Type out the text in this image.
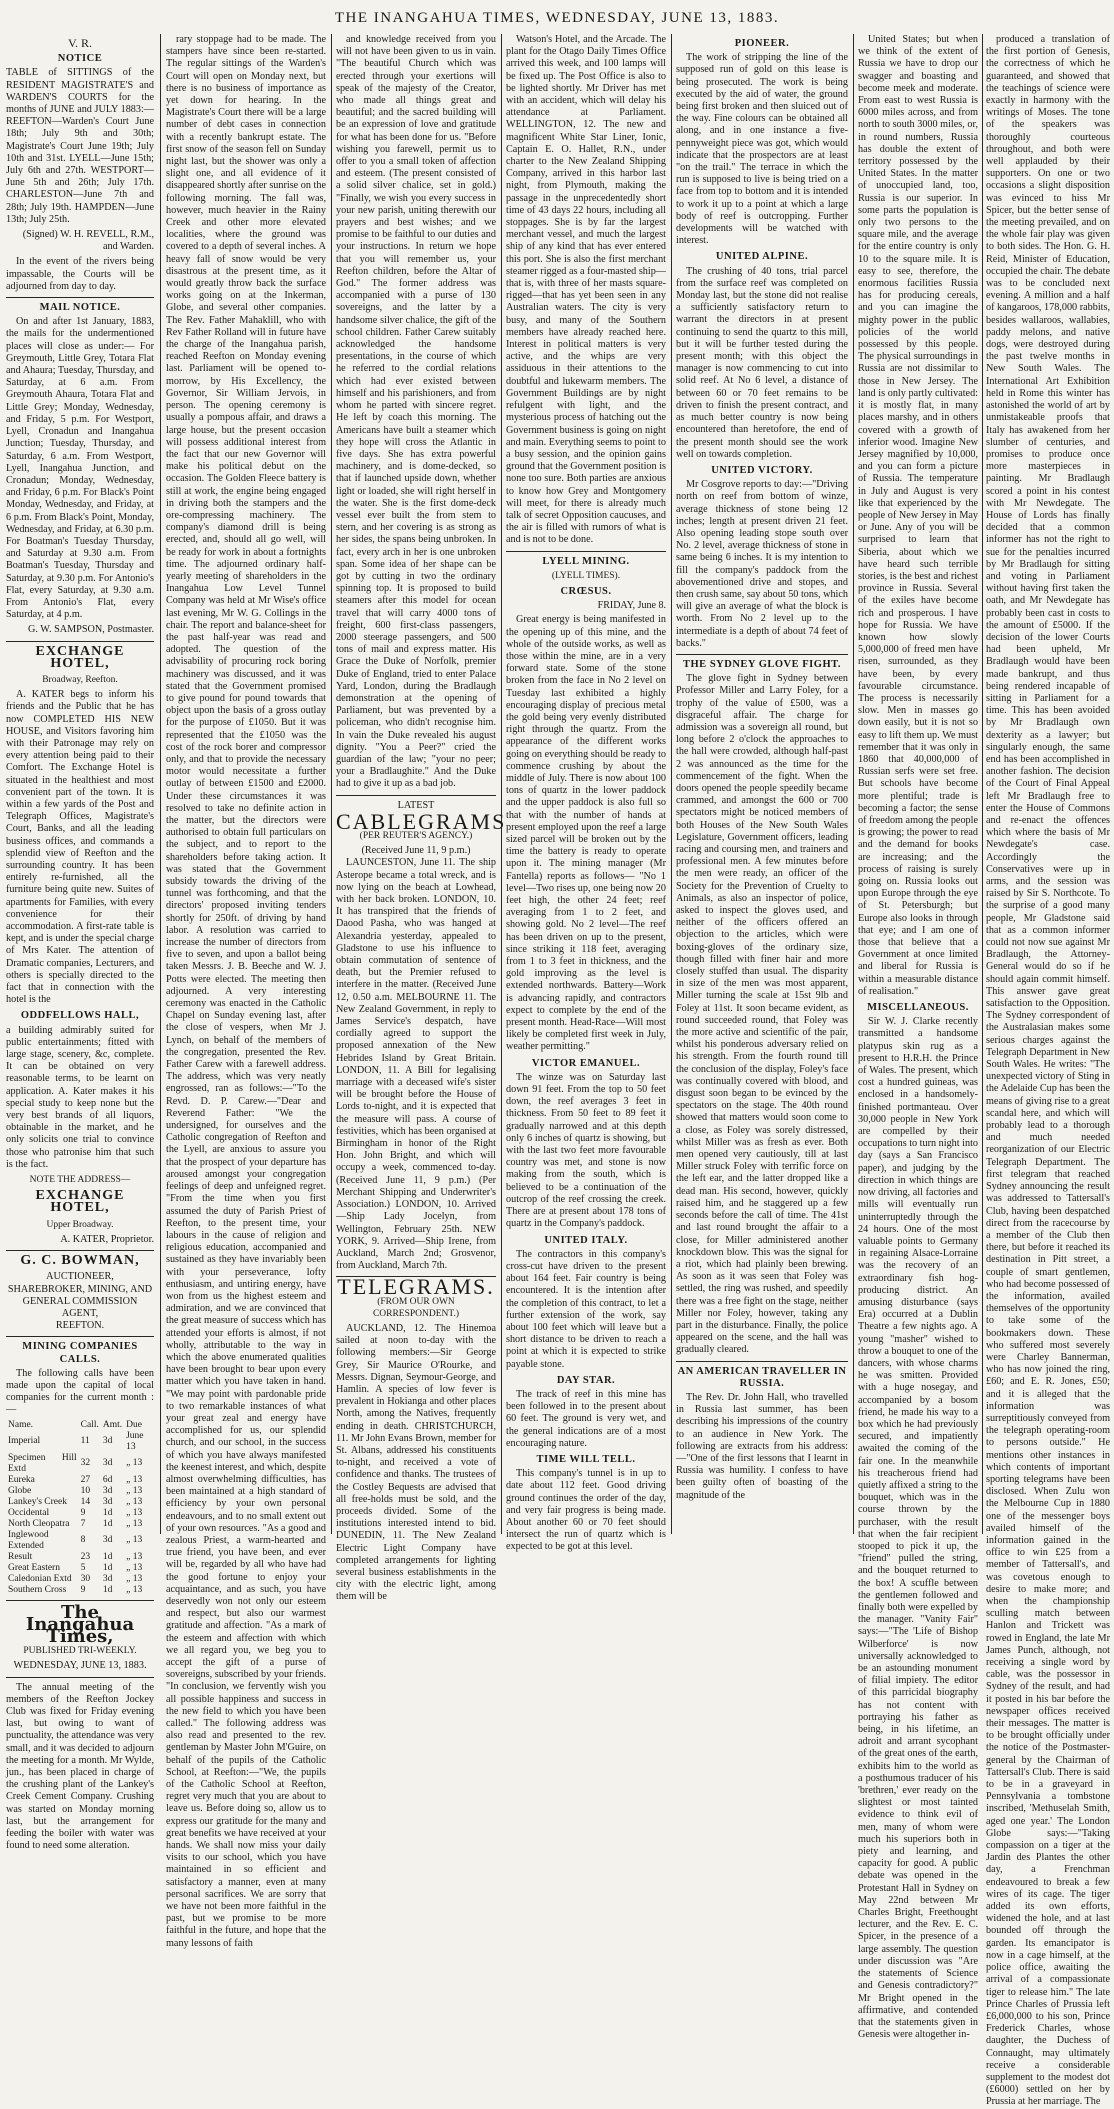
THE INANGAHUA TIMES, WEDNESDAY, JUNE 13, 1883.
V. R.
NOTICE

TABLE of SITTINGS of the RESIDENT MAGISTRATE'S and WARDEN'S COURTS for the months of JUNE and JULY 1883:— REEFTON—Warden's Court June 18th; July 9th and 30th; Magistrate's Court June 19th; July 10th and 31st. LYELL—June 15th; July 6th and 27th. WESTPORT—June 5th and 26th; July 17th. CHARLESTON—June 7th and 28th; July 19th. HAMPDEN—June 13th; July 25th.

(Signed) W. H. REVELL, R.M., and Warden.

In the event of the rivers being impassable, the Courts will be adjourned from day to day.

MAIL NOTICE.

On and after 1st January, 1883, the mails for the undermentioned places will close as under:— For Greymouth, Little Grey, Totara Flat and Ahaura; Tuesday, Thursday, and Saturday, at 6 a.m. From Greymouth Ahaura, Totara Flat and Little Grey; Monday, Wednesday, and Friday, 5 p.m. For Westport, Lyell, Cronadun and Inangahua Junction; Tuesday, Thursday, and Saturday, 6 a.m. From Westport, Lyell, Inangahua Junction, and Cronadun; Monday, Wednesday, and Friday, 6 p.m. For Black's Point Monday, Wednesday, and Friday, at 6 p.m. From Black's Point, Monday, Wednesday, and Friday, at 6.30 p.m. For Boatman's Tuesday Thursday, and Saturday at 9.30 a.m. From Boatman's Tuesday, Thursday and Saturday, at 9.30 p.m. For Antonio's Flat, every Saturday, at 9.30 a.m. From Antonio's Flat, every Saturday, at 4 p.m.

G. W. SAMPSON, Postmaster.

EXCHANGE HOTEL,
Broadway, Reefton.

A. KATER begs to inform his friends and the Public that he has now COMPLETED HIS NEW HOUSE, and Visitors favoring him with their Patronage may rely on every attention being paid to their Comfort. The Exchange Hotel is situated in the healthiest and most convenient part of the town. It is within a few yards of the Post and Telegraph Offices, Magistrate's Court, Banks, and all the leading business offices, and commands a splendid view of Reefton and the surrounding country. It has been entirely re-furnished, all the furniture being quite new. Suites of apartments for Families, with every convenience for their accommodation. A first-rate table is kept, and is under the special charge of Mrs Kater. The attention of Dramatic companies, Lecturers, and others is specially directed to the fact that in connection with the hotel is the

ODDFELLOWS HALL,

a building admirably suited for public entertainments; fitted with large stage, scenery, &c, complete. It can be obtained on very reasonable terms, to be learnt on application. A. Kater makes it his special study to keep none but the very best brands of all liquors, obtainable in the market, and he only solicits one trial to convince those who patronise him that such is the fact.

NOTE THE ADDRESS—
EXCHANGE HOTEL,
Upper Broadway.

A. KATER, Proprietor.

G. C. BOWMAN,
AUCTIONEER,
SHAREBROKER, MINING, AND
GENERAL COMMISSION
AGENT,
REEFTON.
MINING COMPANIES CALLS.

The following calls have been made upon the capital of local companies for the current month :—

Name.	Call.	Amt.	Due
Imperial	11	3d	June 13
Specimen Hill Extd	32	3d	„ 13
Eureka	27	6d	„ 13
Globe	10	3d	„ 13
Lankey's Creek	14	3d	„ 13
Occidental	9	1d	„ 13
North Cleopatra	7	1d	„ 13
Inglewood Extended	8	3d	„ 13
Result	23	1d	„ 13
Great Eastern	5	1d	„ 13
Caledonian Extd	30	3d	„ 13
Southern Cross	9	1d	„ 13
The Inangahua Times,
PUBLISHED TRI-WEEKLY.
WEDNESDAY, JUNE 13, 1883.

The annual meeting of the members of the Reefton Jockey Club was fixed for Friday evening last, but owing to want of punctuality, the attendance was very small, and it was decided to adjourn the meeting for a month. Mr Wylde, jun., has been placed in charge of the crushing plant of the Lankey's Creek Cement Company. Crushing was started on Monday morning last, but the arrangement for feeding the boiler with water was found to need some alteration.

rary stoppage had to be made. The stampers have since been re-started. The regular sittings of the Warden's Court will open on Monday next, but there is no business of importance as yet down for hearing. In the Magistrate's Court there will be a large number of debt cases in connection with a recently bankrupt estate. The first snow of the season fell on Sunday night last, but the shower was only a slight one, and all evidence of it disappeared shortly after sunrise on the following morning. The fall was, however, much heavier in the Rainy Creek and other more elevated localities, where the ground was covered to a depth of several inches. A heavy fall of snow would be very disastrous at the present time, as it would greatly throw back the surface works going on at the Inkerman, Globe, and several other companies. The Rev. Father Mahaklill, who with Rev Father Rolland will in future have the charge of the Inangahua parish, reached Reefton on Monday evening last. Parliament will be opened to-morrow, by His Excellency, the Governor, Sir William Jervois, in person. The opening ceremony is usually a pompous affair, and draws a large house, but the present occasion will possess additional interest from the fact that our new Governor will make his political debut on the occasion. The Golden Fleece battery is still at work, the engine being engaged in driving both the stampers and the ore-compressing machinery. The company's diamond drill is being erected, and, should all go well, will be ready for work in about a fortnights time. The adjourned ordinary half-yearly meeting of shareholders in the Inangahua Low Level Tunnel Company was held at Mr Wise's office last evening, Mr W. G. Collings in the chair. The report and balance-sheet for the past half-year was read and adopted. The question of the advisability of procuring rock boring machinery was discussed, and it was stated that the Government promised to give pound for pound towards that object upon the basis of a gross outlay for the purpose of £1050. But it was represented that the £1050 was the cost of the rock borer and compressor only, and that to provide the necessary motor would necessitate a further outlay of between £1500 and £2000. Under these circumstances it was resolved to take no definite action in the matter, but the directors were authorised to obtain full particulars on the subject, and to report to the shareholders before taking action. It was stated that the Government subsidy towards the driving of the tunnel was forthcoming, and that the directors' proposed inviting tenders shortly for 250ft. of driving by hand labor. A resolution was carried to increase the number of directors from five to seven, and upon a ballot being taken Messrs. J. B. Beeche and W. J. Potts were elected. The meeting then adjourned. A very interesting ceremony was enacted in the Catholic Chapel on Sunday evening last, after the close of vespers, when Mr J. Lynch, on behalf of the members of the congregation, presented the Rev. Father Carew with a farewell address. The address, which was very neatly engrossed, ran as follows:—"To the Revd. D. P. Carew.—"Dear and Reverend Father: "We the undersigned, for ourselves and the Catholic congregation of Reefton and the Lyell, are anxious to assure you that the prospect of your departure has aroused amongst your congregation feelings of deep and unfeigned regret. "From the time when you first assumed the duty of Parish Priest of Reefton, to the present time, your labours in the cause of religion and religious education, accompanied and sustained as they have invariably been with your perseverance, lofty enthusiasm, and untiring energy, have won from us the highest esteem and admiration, and we are convinced that the great measure of success which has attended your efforts is almost, if not wholly, attributable to the way in which the above enumerated qualities have been brought to bear upon every matter which you have taken in hand. "We may point with pardonable pride to two remarkable instances of what your great zeal and energy have accomplished for us, our splendid church, and our school, in the success of which you have always manifested the keenest interest, and which, despite almost overwhelming difficulties, has been maintained at a high standard of efficiency by your own personal endeavours, and to no small extent out of your own resources. "As a good and zealous Priest, a warm-hearted and true friend, you have been, and ever will be, regarded by all who have had the good fortune to enjoy your acquaintance, and as such, you have deservedly won not only our esteem and respect, but also our warmest gratitude and affection. "As a mark of the esteem and affection with which we all regard you, we beg you to accept the gift of a purse of sovereigns, subscribed by your friends. "In conclusion, we fervently wish you all possible happiness and success in the new field to which you have been called." The following address was also read and presented to the rev. gentleman by Master John M'Guire, on behalf of the pupils of the Catholic School, at Reefton:—"We, the pupils of the Catholic School at Reefton, regret very much that you are about to leave us. Before doing so, allow us to express our gratitude for the many and great benefits we have received at your hands. We shall now miss your daily visits to our school, which you have maintained in so efficient and satisfactory a manner, even at many personal sacrifices. We are sorry that we have not been more faithful in the past, but we promise to be more faithful in the future, and hope that the many lessons of faith

and knowledge received from you will not have been given to us in vain. "The beautiful Church which was erected through your exertions will speak of the majesty of the Creator, who made all things great and beautiful; and the sacred building will be an expression of love and gratitude for what has been done for us. "Before wishing you farewell, permit us to offer to you a small token of affection and esteem. (The present consisted of a solid silver chalice, set in gold.) "Finally, we wish you every success in your new parish, uniting therewith our prayers and best wishes; and we promise to be faithful to our duties and your instructions. In return we hope that you will remember us, your Reefton children, before the Altar of God." The former address was accompanied with a purse of 130 sovereigns, and the latter by a handsome silver chalice, the gift of the school children. Father Carew suitably acknowledged the handsome presentations, in the course of which he referred to the cordial relations which had ever existed between himself and his parishioners, and from whom he parted with sincere regret. He left by coach this morning. The Americans have built a steamer which they hope will cross the Atlantic in five days. She has extra powerful machinery, and is dome-decked, so that if launched upside down, whether light or loaded, she will right herself in the water. She is the first dome-deck vessel ever built the from stem to stern, and her covering is as strong as her sides, the spans being unbroken. In fact, every arch in her is one unbroken span. Some idea of her shape can be got by cutting in two the ordinary spinning top. It is proposed to build steamers after this model for ocean travel that will carry 4000 tons of freight, 600 first-class passengers, 2000 steerage passengers, and 500 tons of mail and express matter. His Grace the Duke of Norfolk, premier Duke of England, tried to enter Palace Yard, London, during the Bradlaugh demonstration at the opening of Parliament, but was prevented by a policeman, who didn't recognise him. In vain the Duke revealed his august dignity. "You a Peer?" cried the guardian of the law; "your no peer; your a Bradlaughite." And the Duke had to give it up as a bad job.

LATEST
CABLEGRAMS
(PER REUTER'S AGENCY.)
(Received June 11, 9 p.m.)

LAUNCESTON, June 11. The ship Asterope became a total wreck, and is now lying on the beach at Lowhead, with her back broken. LONDON, 10. It has transpired that the friends of Daood Pasha, who was hanged at Alexandria yesterday, appealed to Gladstone to use his influence to obtain commutation of sentence of death, but the Premier refused to interfere in the matter. (Received June 12, 0.50 a.m. MELBOURNE 11. The New Zealand Government, in reply to James Service's despatch, have cordially agreed to support the proposed annexation of the New Hebrides Island by Great Britain. LONDON, 11. A Bill for legalising marriage with a deceased wife's sister will be brought before the House of Lords to-night, and it is expected that the measure will pass. A course of festivities, which has been organised at Birmingham in honor of the Right Hon. John Bright, and which will occupy a week, commenced to-day. (Received June 11, 9 p.m.) (Per Merchant Shipping and Underwriter's Association.) LONDON, 10. Arrived—Ship Lady Jocelyn, from Wellington, February 25th. NEW YORK, 9. Arrived—Ship Irene, from Auckland, March 2nd; Grosvenor, from Auckland, March 7th.

TELEGRAMS.
(FROM OUR OWN CORRESPONDENT.)

AUCKLAND, 12. The Hinemoa sailed at noon to-day with the following members:—Sir George Grey, Sir Maurice O'Rourke, and Messrs. Dignan, Seymour-George, and Hamlin. A species of low fever is prevalent in Hokianga and other places North, among the Natives, frequently ending in death. CHRISTCHURCH, 11. Mr John Evans Brown, member for St. Albans, addressed his constituents to-night, and received a vote of confidence and thanks. The trustees of the Costley Bequests are advised that all free-holds must be sold, and the proceeds divided. Some of the institutions interested intend to bid. DUNEDIN, 11. The New Zealand Electric Light Company have completed arrangements for lighting several business establishments in the city with the electric light, among them will be

Watson's Hotel, and the Arcade. The plant for the Otago Daily Times Office arrived this week, and 100 lamps will be fixed up. The Post Office is also to be lighted shortly. Mr Driver has met with an accident, which will delay his attendance at Parliament. WELLINGTON, 12. The new and magnificent White Star Liner, Ionic, Captain E. O. Hallet, R.N., under charter to the New Zealand Shipping Company, arrived in this harbor last night, from Plymouth, making the passage in the unprecedentedly short time of 43 days 22 hours, including all stoppages. She is by far the largest merchant vessel, and much the largest ship of any kind that has ever entered this port. She is also the first merchant steamer rigged as a four-masted ship—that is, with three of her masts square-rigged—that has yet been seen in any Australian waters. The city is very busy, and many of the Southern members have already reached here. Interest in political matters is very active, and the whips are very assiduous in their attentions to the doubtful and lukewarm members. The Government Buildings are by night refulgent with light, and the mysterious process of hatching out the Government business is going on night and main. Everything seems to point to a busy session, and the opinion gains ground that the Government position is none too sure. Both parties are anxious to know how Grey and Montgomery will meet, for there is already much talk of secret Opposition caucuses, and the air is filled with rumors of what is and is not to be done.

LYELL MINING.
(LYELL TIMES).
CRŒSUS.
FRIDAY, June 8.

Great energy is being manifested in the opening up of this mine, and the whole of the outside works, as well as those within the mine, are in a very forward state. Some of the stone broken from the face in No 2 level on Tuesday last exhibited a highly encouraging display of precious metal the gold being very evenly distributed right through the quartz. From the appearance of the different works going on everything should be ready to commence crushing by about the middle of July. There is now about 100 tons of quartz in the lower paddock and the upper paddock is also full so that with the number of hands at present employed upon the reef a large sized parcel will be broken out by the time the battery is ready to operate upon it. The mining manager (Mr Fantella) reports as follows— "No 1 level—Two rises up, one being now 20 feet high, the other 24 feet; reef averaging from 1 to 2 feet, and showing gold. No 2 level—The reef has been driven on up to the present, since striking it 118 feet, averaging from 1 to 3 feet in thickness, and the gold improving as the level is extended northwards. Battery—Work is advancing rapidly, and contractors expect to complete by the end of the present month. Head-Race—Will most likely be completed first week in July, weather permitting."

VICTOR EMANUEL.

The winze was on Saturday last down 91 feet. From the top to 50 feet down, the reef averages 3 feet in thickness. From 50 feet to 89 feet it gradually narrowed and at this depth only 6 inches of quartz is showing, but with the last two feet more favourable country was met, and stone is now making from the south, which is believed to be a continuation of the outcrop of the reef crossing the creek. There are at present about 178 tons of quartz in the Company's paddock.

UNITED ITALY.

The contractors in this company's cross-cut have driven to the present about 164 feet. Fair country is being encountered. It is the intention after the completion of this contract, to let a further extension of the work, say about 100 feet which will leave but a short distance to be driven to reach a point at which it is expected to strike payable stone.

DAY STAR.

The track of reef in this mine has been followed in to the present about 60 feet. The ground is very wet, and the general indications are of a most encouraging nature.

TIME WILL TELL.

This company's tunnel is in up to date about 112 feet. Good driving ground continues the order of the day, and very fair progress is being made. About another 60 or 70 feet should intersect the run of quartz which is expected to be got at this level.

PIONEER.

The work of stripping the line of the supposed run of gold on this lease is being prosecuted. The work is being executed by the aid of water, the ground being first broken and then sluiced out of the way. Fine colours can be obtained all along, and in one instance a five-pennyweight piece was got, which would indicate that the prospectors are at least "on the trail." The terrace in which the run is supposed to live is being tried on a face from top to bottom and it is intended to work it up to a point at which a large body of reef is outcropping. Further developments will be watched with interest.

UNITED ALPINE.

The crushing of 40 tons, trial parcel from the surface reef was completed on Monday last, but the stone did not realise a sufficiently satisfactory return to warrant the directors in at present continuing to send the quartz to this mill, but it will be further tested during the present month; with this object the manager is now commencing to cut into solid reef. At No 6 level, a distance of between 60 or 70 feet remains to be driven to finish the present contract, and as much better country is now being encountered than heretofore, the end of the present month should see the work well on towards completion.

UNITED VICTORY.

Mr Cosgrove reports to day:—"Driving north on reef from bottom of winze, average thickness of stone being 12 inches; length at present driven 21 feet. Also opening leading stope south over No. 2 level, average thickness of stone in same being 6 inches. It is my intention to fill the company's paddock from the abovementioned drive and stopes, and then crush same, say about 50 tons, which will give an average of what the block is worth. From No 2 level up to the intermediate is a depth of about 74 feet of backs."

THE SYDNEY GLOVE FIGHT.

The glove fight in Sydney between Professor Miller and Larry Foley, for a trophy of the value of £500, was a disgraceful affair. The charge for admission was a sovereign all round, but long before 2 o'clock the approaches to the hall were crowded, although half-past 2 was announced as the time for the commencement of the fight. When the doors opened the people speedily became crammed, and amongst the 600 or 700 spectators might be noticed members of both Houses of the New South Wales Legislature, Government officers, leading racing and coursing men, and trainers and professional men. A few minutes before the men were ready, an officer of the Society for the Prevention of Cruelty to Animals, as also an inspector of police, asked to inspect the gloves used, and neither of the officers offered an objection to the articles, which were boxing-gloves of the ordinary size, though filled with finer hair and more closely stuffed than usual. The disparity in size of the men was most apparent, Miller turning the scale at 15st 9lb and Foley at 11st. It soon became evident, as round succeeded round, that Foley was the more active and scientific of the pair, whilst his ponderous adversary relied on his strength. From the fourth round till the conclusion of the display, Foley's face was continually covered with blood, and disgust soon began to be evinced by the spectators on the stage. The 40th round showed that matters would soon come to a close, as Foley was sorely distressed, whilst Miller was as fresh as ever. Both men opened very cautiously, till at last Miller struck Foley with terrific force on the left ear, and the latter dropped like a dead man. His second, however, quickly raised him, and he staggered up a few seconds before the call of time. The 41st and last round brought the affair to a close, for Miller administered another knockdown blow. This was the signal for a riot, which had plainly been brewing. As soon as it was seen that Foley was settled, the ring was rushed, and speedily there was a free fight on the stage, neither Miller nor Foley, however, taking any part in the disturbance. Finally, the police appeared on the scene, and the hall was gradually cleared.

AN AMERICAN TRAVELLER IN RUSSIA.

The Rev. Dr. John Hall, who travelled in Russia last summer, has been describing his impressions of the country to an audience in New York. The following are extracts from his address:—"One of the first lessons that I learnt in Russia was humility. I confess to have been guilty often of boasting of the magnitude of the

United States; but when we think of the extent of Russia we have to drop our swagger and boasting and become meek and moderate. From east to west Russia is 6000 miles across, and from north to south 3000 miles, or, in round numbers, Russia has double the extent of territory possessed by the United States. In the matter of unoccupied land, too, Russia is our superior. In some parts the population is only two persons to the square mile, and the average for the entire country is only 10 to the square mile. It is easy to see, therefore, the enormous facilities Russia has for producing cereals, and you can imagine the mighty power in the public policies of the world possessed by this people. The physical surroundings in Russia are not dissimilar to those in New Jersey. The land is only partly cultivated: it is mostly flat, in many places marshy, and in others covered with a growth of inferior wood. Imagine New Jersey magnified by 10,000, and you can form a picture of Russia. The temperature in July and August is very like that experienced by the people of New Jersey in May or June. Any of you will be surprised to learn that Siberia, about which we have heard such terrible stories, is the best and richest province in Russia. Several of the exiles have become rich and prosperous. I have hope for Russia. We have known how slowly 5,000,000 of freed men have risen, surrounded, as they have been, by every favourable circumstance. The process is necessarily slow. Men in masses go down easily, but it is not so easy to lift them up. We must remember that it was only in 1860 that 40,000,000 of Russian serfs were set free. But schools have become more plentiful; trade is becoming a factor; the sense of freedom among the people is growing; the power to read and the demand for books are increasing; and the process of raising is surely going on. Russia looks out upon Europe through the eye of St. Petersburgh; but Europe also looks in through that eye; and I am one of those that believe that a Government at once limited and liberal for Russia is within a measurable distance of realisation."

MISCELLANEOUS.

Sir W. J. Clarke recently transmitted a handsome platypus skin rug as a present to H.R.H. the Prince of Wales. The present, which cost a hundred guineas, was enclosed in a handsomely-finished portmanteau. Over 30,000 people in New York are compelled by their occupations to turn night into day (says a San Francisco paper), and judging by the direction in which things are now driving, all factories and mills will eventually run uninterruptedly through the 24 hours. One of the most valuable points to Germany in regaining Alsace-Lorraine was the recovery of an extraordinary fish hog-producing district. An amusing disturbance (says Era) occurred at a Dublin Theatre a few nights ago. A young "masher" wished to throw a bouquet to one of the dancers, with whose charms he was smitten. Provided with a huge nosegay, and accompanied by a bosom friend, he made his way to a box which he had previously secured, and impatiently awaited the coming of the fair one. In the meanwhile his treacherous friend had quietly affixed a string to the bouquet, which was in the course thrown by the purchaser, with the result that when the fair recipient stooped to pick it up, the "friend" pulled the string, and the bouquet returned to the box! A scuffle between the gentlemen followed and finally both were expelled by the manager. "Vanity Fair" says:—"The 'Life of Bishop Wilberforce' is now universally acknowledged to be an astounding monument of filial impiety. The editor of this parricidal biography has not content with portraying his father as being, in his lifetime, an adroit and arrant sycophant of the great ones of the earth, exhibits him to the world as a posthumous traducer of his 'brethren,' ever ready on the slightest or most tainted evidence to think evil of men, many of whom were much his superiors both in piety and learning, and capacity for good. A public debate was opened in the Protestant Hall in Sydney on May 22nd between Mr Charles Bright, Freethought lecturer, and the Rev. E. C. Spicer, in the presence of a large assembly. The question under discussion was "Are the statements of Science and Genesis contradictory?" Mr Bright opened in the affirmative, and contended that the statements given in Genesis were altogether in-

produced a translation of the first portion of Genesis, the correctness of which he guaranteed, and showed that the teachings of science were exactly in harmony with the writings of Moses. The tone of the speakers was thoroughly courteous throughout, and both were well applauded by their supporters. On one or two occasions a slight disposition was evinced to hiss Mr Spicer, but the better sense of the meeting prevailed, and on the whole fair play was given to both sides. The Hon. G. H. Reid, Minister of Education, occupied the chair. The debate was to be concluded next evening. A million and a half of kangaroos, 178,000 rabbits, besides wallaroos, wallabies, paddy melons, and native dogs, were destroyed during the past twelve months in New South Wales. The International Art Exhibition held in Rome this winter has astonished the world of art by unmistakeable proofs that Italy has awakened from her slumber of centuries, and promises to produce once more masterpieces in painting. Mr Bradlaugh scored a point in his contest with Mr Newdegate. The House of Lords has finally decided that a common informer has not the right to sue for the penalties incurred by Mr Bradlaugh for sitting and voting in Parliament without having first taken the oath, and Mr Newdegate has probably been cast in costs to the amount of £5000. If the decision of the lower Courts had been upheld, Mr Bradlaugh would have been made bankrupt, and thus being rendered incapable of sitting in Parliament for a time. This has been avoided by Mr Bradlaugh own dexterity as a lawyer; but singularly enough, the same end has been accomplished in another fashion. The decision of the Court of Final Appeal left Mr Bradlaugh free to enter the House of Commons and re-enact the offences which where the basis of Mr Newdegate's case. Accordingly the Conservatives were up in arms, and the session was raised by Sir S. Northcote. To the surprise of a good many people, Mr Gladstone said that as a common informer could not now sue against Mr Bradlaugh, the Attorney-General would do so if he should again commit himself. This answer gave great satisfaction to the Opposition. The Sydney correspondent of the Australasian makes some serious charges against the Telegraph Department in New South Wales. He writes: "The unexpected victory of Sting in the Adelaide Cup has been the means of giving rise to a great scandal here, and which will probably lead to a thorough and much needed reorganization of our Electric Telegraph Department. The first telegram that reached Sydney announcing the result was addressed to Tattersall's Club, having been despatched direct from the racecourse by a member of the Club then there, but before it reached its destination in Pitt street, a couple of smart gentlemen, who had become possessed of the information, availed themselves of the opportunity to take some of the bookmakers down. These who suffered most severely were Charley Bannerman, who has now joined the ring, £60; and E. R. Jones, £50; and it is alleged that the information was surreptitiously conveyed from the telegraph operating-room to persons outside." He mentions other instances in which contents of important sporting telegrams have been disclosed. When Zulu won the Melbourne Cup in 1880 one of the messenger boys availed himself of the information gained in the office to win £25 from a member of Tattersall's, and was covetous enough to desire to make more; and when the championship sculling match between Hanlon and Trickett was rowed in England, the late Mr James Punch, although, not receiving a single word by cable, was the possessor in Sydney of the result, and had it posted in his bar before the newspaper offices received their messages. The matter is to be brought officially under the notice of the Postmaster-general by the Chairman of Tattersall's Club. There is said to be in a graveyard in Pennsylvania a tombstone inscribed, 'Methuselah Smith, aged one year.' The London Globe says:—"Taking compassion on a tiger at the Jardin des Plantes the other day, a Frenchman endeavoured to break a few wires of its cage. The tiger added its own efforts, widened the hole, and at last bounded off through the garden. Its emancipator is now in a cage himself, at the police office, awaiting the arrival of a compassionate tiger to release him." The late Prince Charles of Prussia left £6,000,000 to his son, Prince Frederick Charles, whose daughter, the Duchess of Connaught, may ultimately receive a considerable supplement to the modest dot (£6000) settled on her by Prussia at her marriage. The
